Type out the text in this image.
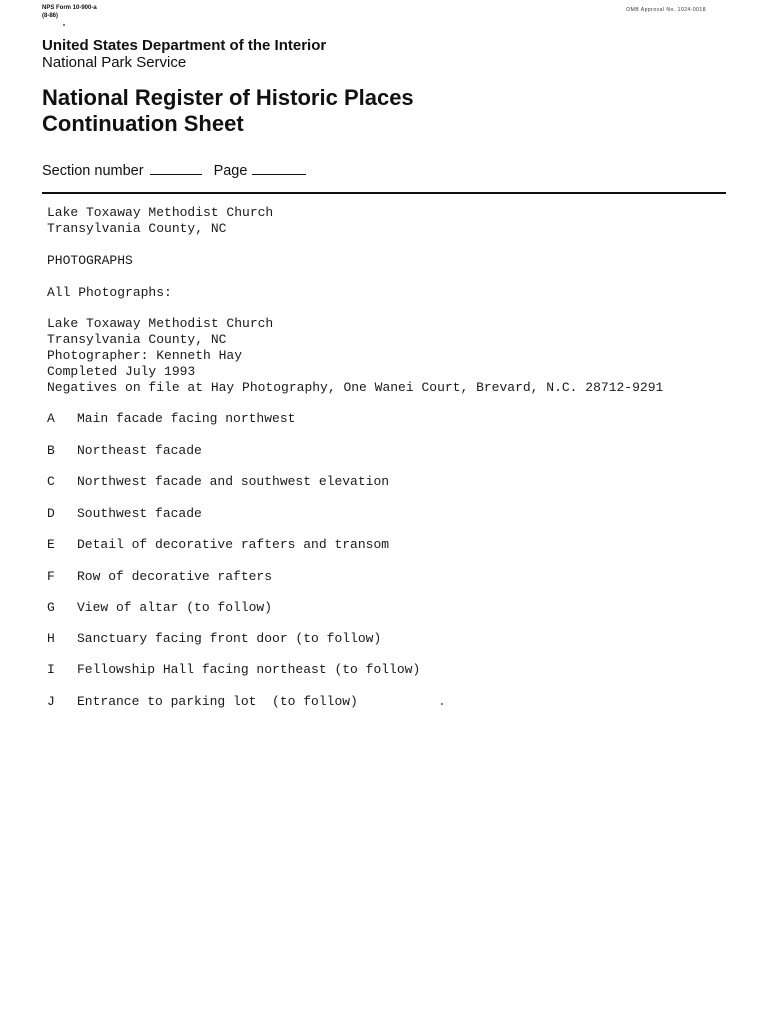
NPS Form 10-900-a
(8-86)
OMB Approval No. 1024-0018
United States Department of the Interior
National Park Service
National Register of Historic Places
Continuation Sheet
Section number	Page
Lake Toxaway Methodist Church
Transylvania County, NC
PHOTOGRAPHS
All Photographs:
Lake Toxaway Methodist Church
Transylvania County, NC
Photographer: Kenneth Hay
Completed July 1993
Negatives on file at Hay Photography, One Wanei Court, Brevard, N.C. 28712-9291
A Main facade facing northwest
B Northeast facade
C Northwest facade and southwest elevation
D Southwest facade
E Detail of decorative rafters and transom
F Row of decorative rafters
G View of altar (to follow)
H Sanctuary facing front door (to follow)
I Fellowship Hall facing northeast (to follow)
J Entrance to parking lot  (to follow)
